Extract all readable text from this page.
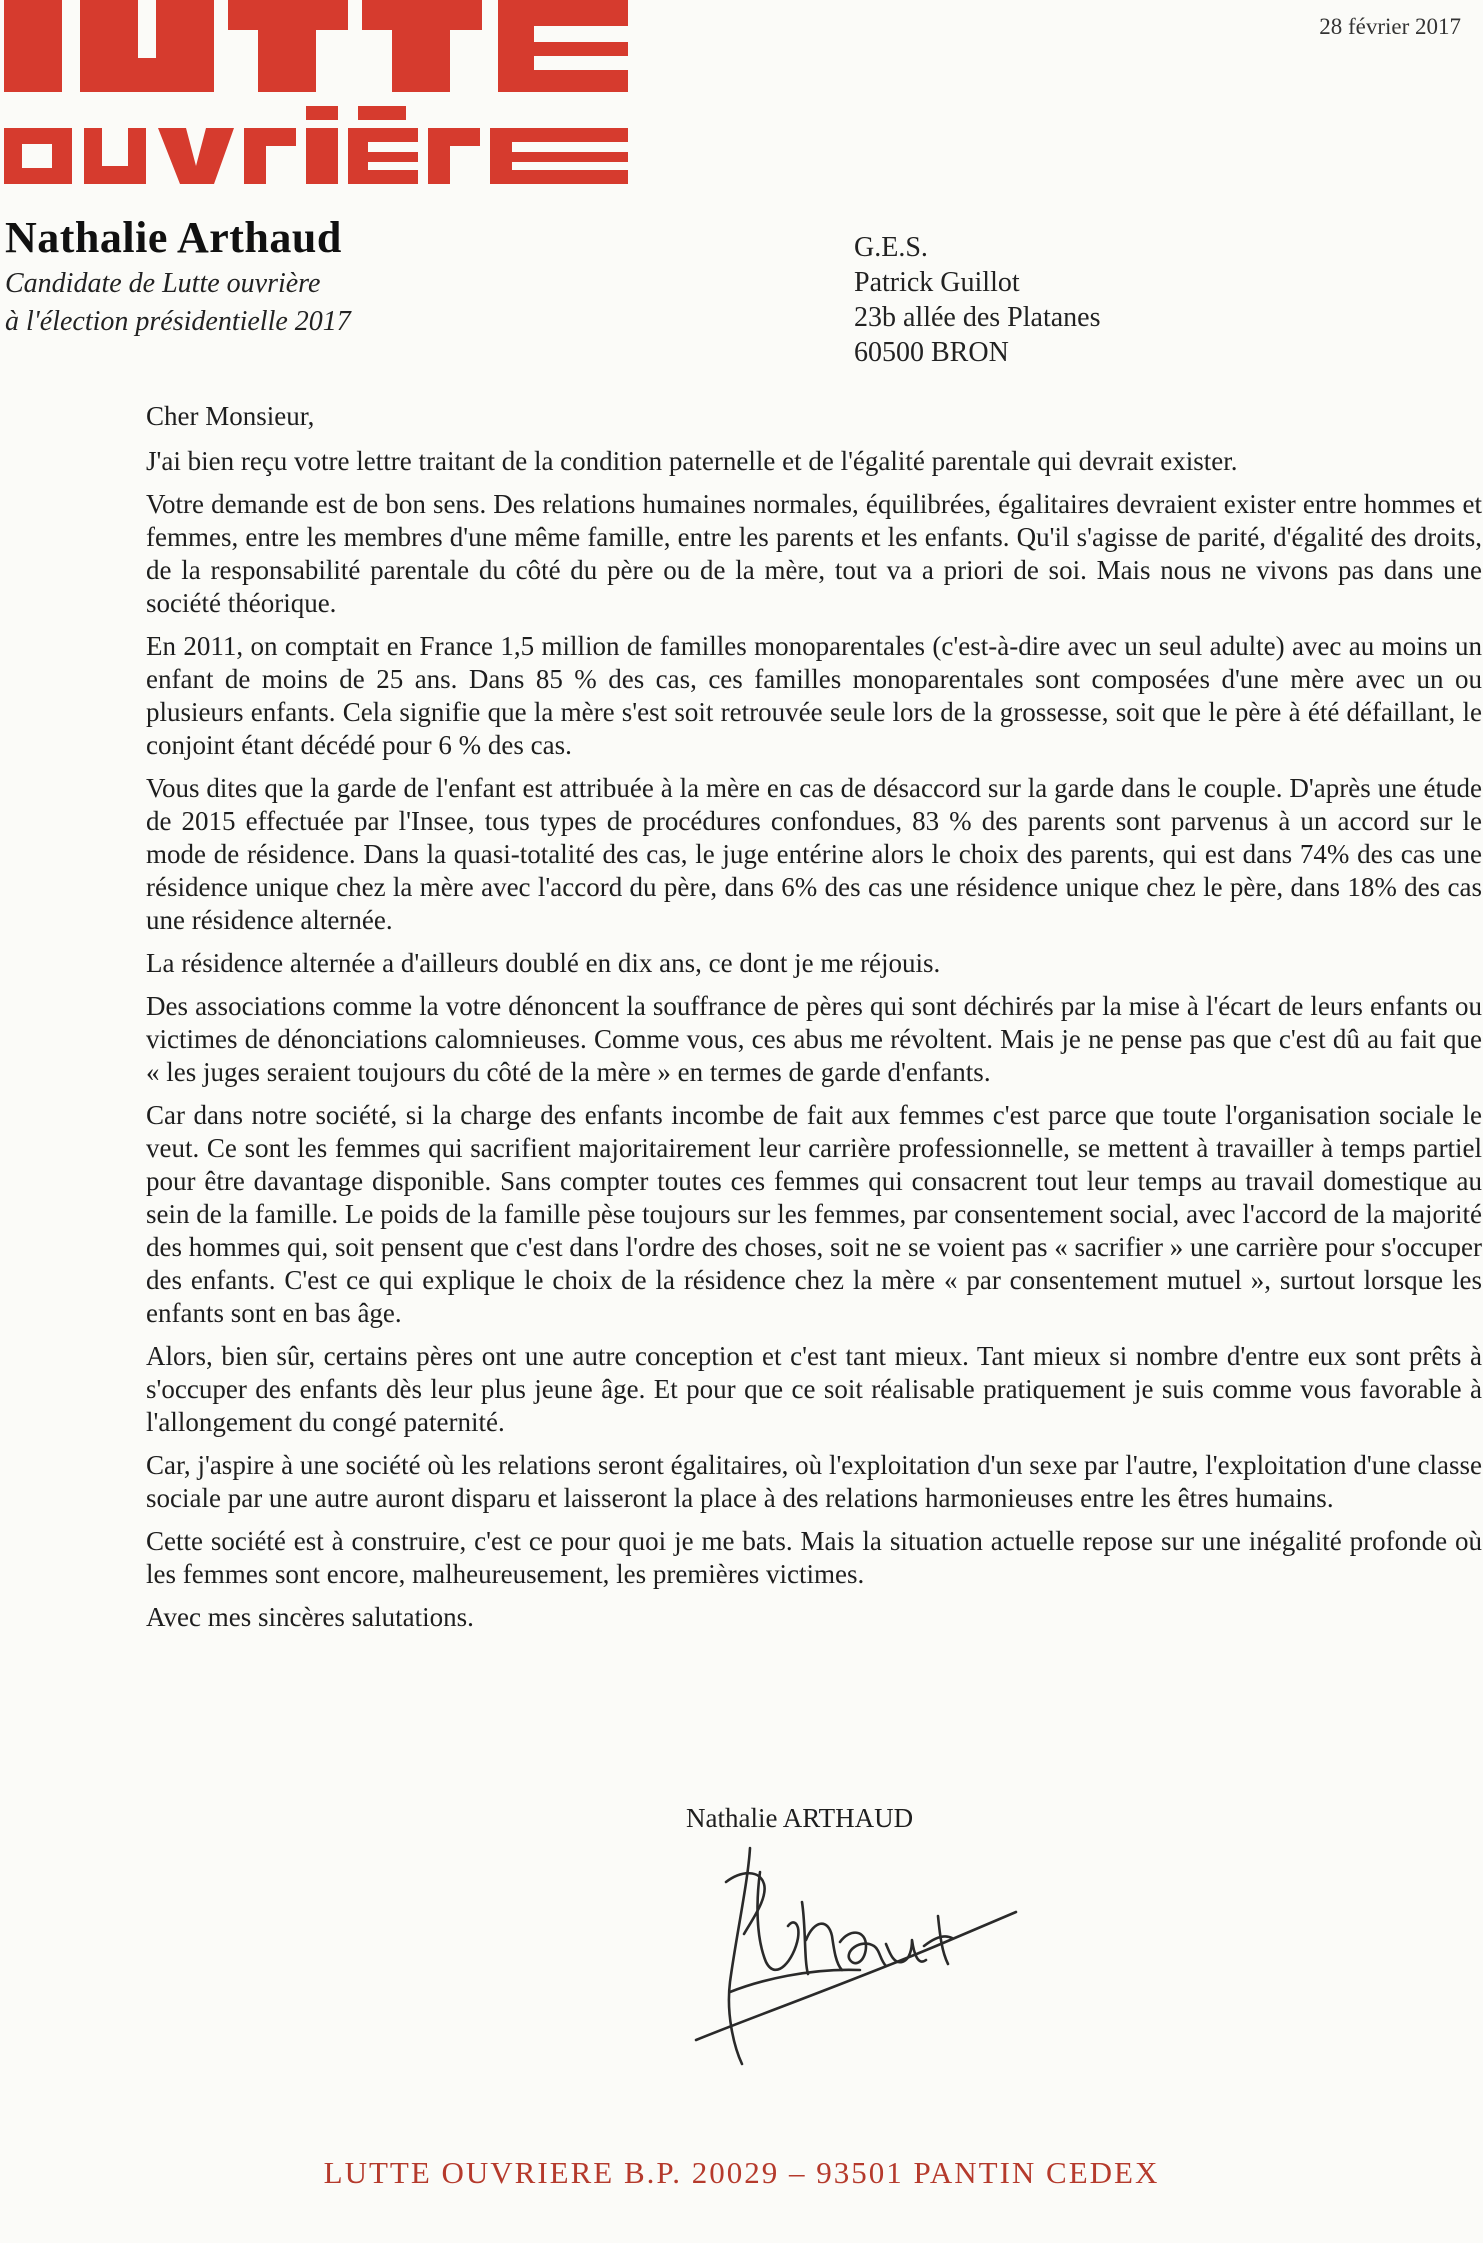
28 février 2017
Nathalie Arthaud
Candidate de Lutte ouvrière
à l'élection présidentielle 2017
G.E.S.
Patrick Guillot
23b allée des Platanes
60500 BRON

Cher Monsieur,

J'ai bien reçu votre lettre traitant de la condition paternelle et de l'égalité parentale qui devrait exister.

Votre demande est de bon sens. Des relations humaines normales, équilibrées, égalitaires devraient exister entre hommes et femmes, entre les membres d'une même famille, entre les parents et les enfants. Qu'il s'agisse de parité, d'égalité des droits, de la responsabilité parentale du côté du père ou de la mère, tout va a priori de soi. Mais nous ne vivons pas dans une société théorique.

En 2011, on comptait en France 1,5 million de familles monoparentales (c'est-à-dire avec un seul adulte) avec au moins un enfant de moins de 25 ans. Dans 85 % des cas, ces familles monoparentales sont composées d'une mère avec un ou plusieurs enfants. Cela signifie que la mère s'est soit retrouvée seule lors de la grossesse, soit que le père à été défaillant, le conjoint étant décédé pour 6 % des cas.

Vous dites que la garde de l'enfant est attribuée à la mère en cas de désaccord sur la garde dans le couple. D'après une étude de 2015 effectuée par l'Insee, tous types de procédures confondues, 83 % des parents sont parvenus à un accord sur le mode de résidence. Dans la quasi-totalité des cas, le juge entérine alors le choix des parents, qui est dans 74% des cas une résidence unique chez la mère avec l'accord du père, dans 6% des cas une résidence unique chez le père, dans 18% des cas une résidence alternée.

La résidence alternée a d'ailleurs doublé en dix ans, ce dont je me réjouis.

Des associations comme la votre dénoncent la souffrance de pères qui sont déchirés par la mise à l'écart de leurs enfants ou victimes de dénonciations calomnieuses. Comme vous, ces abus me révoltent. Mais je ne pense pas que c'est dû au fait que « les juges seraient toujours du côté de la mère » en termes de garde d'enfants.

Car dans notre société, si la charge des enfants incombe de fait aux femmes c'est parce que toute l'organisation sociale le veut. Ce sont les femmes qui sacrifient majoritairement leur carrière professionnelle, se mettent à travailler à temps partiel pour être davantage disponible. Sans compter toutes ces femmes qui consacrent tout leur temps au travail domestique au sein de la famille. Le poids de la famille pèse toujours sur les femmes, par consentement social, avec l'accord de la majorité des hommes qui, soit pensent que c'est dans l'ordre des choses, soit ne se voient pas « sacrifier » une carrière pour s'occuper des enfants. C'est ce qui explique le choix de la résidence chez la mère « par consentement mutuel », surtout lorsque les enfants sont en bas âge.

Alors, bien sûr, certains pères ont une autre conception et c'est tant mieux. Tant mieux si nombre d'entre eux sont prêts à s'occuper des enfants dès leur plus jeune âge. Et pour que ce soit réalisable pratiquement je suis comme vous favorable à l'allongement du congé paternité.

Car, j'aspire à une société où les relations seront égalitaires, où l'exploitation d'un sexe par l'autre, l'exploitation d'une classe sociale par une autre auront disparu et laisseront la place à des relations harmonieuses entre les êtres humains.

Cette société est à construire, c'est ce pour quoi je me bats. Mais la situation actuelle repose sur une inégalité profonde où les femmes sont encore, malheureusement, les premières victimes.

Avec mes sincères salutations.

Nathalie ARTHAUD
LUTTE OUVRIERE B.P. 20029 – 93501 PANTIN CEDEX
